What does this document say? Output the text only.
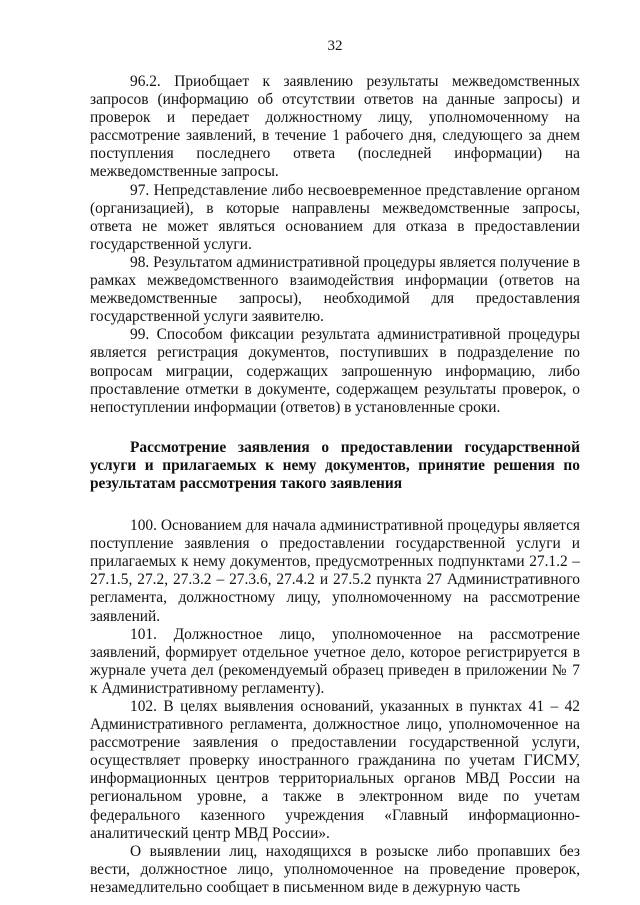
32

96.2. Приобщает к заявлению результаты межведомственных запросов (информацию об отсутствии ответов на данные запросы) и проверок и передает должностному лицу, уполномоченному на рассмотрение заявлений, в течение 1 рабочего дня, следующего за днем поступления последнего ответа (последней информации) на межведомственные запросы.

97. Непредставление либо несвоевременное представление органом (организацией), в которые направлены межведомственные запросы, ответа не может являться основанием для отказа в предоставлении государственной услуги.

98. Результатом административной процедуры является получение в рамках межведомственного взаимодействия информации (ответов на межведомственные запросы), необходимой для предоставления государственной услуги заявителю.

99. Способом фиксации результата административной процедуры является регистрация документов, поступивших в подразделение по вопросам миграции, содержащих запрошенную информацию, либо проставление отметки в документе, содержащем результаты проверок, о непоступлении информации (ответов) в установленные сроки.

Рассмотрение заявления о предоставлении государственной услуги и прилагаемых к нему документов, принятие решения по результатам рассмотрения такого заявления

100. Основанием для начала административной процедуры является поступление заявления о предоставлении государственной услуги и прилагаемых к нему документов, предусмотренных подпунктами 27.1.2 – 27.1.5, 27.2, 27.3.2 – 27.3.6, 27.4.2 и 27.5.2 пункта 27 Административного регламента, должностному лицу, уполномоченному на рассмотрение заявлений.

101. Должностное лицо, уполномоченное на рассмотрение заявлений, формирует отдельное учетное дело, которое регистрируется в журнале учета дел (рекомендуемый образец приведен в приложении № 7 к Административному регламенту).

102. В целях выявления оснований, указанных в пунктах 41 – 42 Административного регламента, должностное лицо, уполномоченное на рассмотрение заявления о предоставлении государственной услуги, осуществляет проверку иностранного гражданина по учетам ГИСМУ, информационных центров территориальных органов МВД России на региональном уровне, а также в электронном виде по учетам федерального казенного учреждения «Главный информационно-аналитический центр МВД России».

О выявлении лиц, находящихся в розыске либо пропавших без вести, должностное лицо, уполномоченное на проведение проверок, незамедлительно сообщает в письменном виде в дежурную часть
